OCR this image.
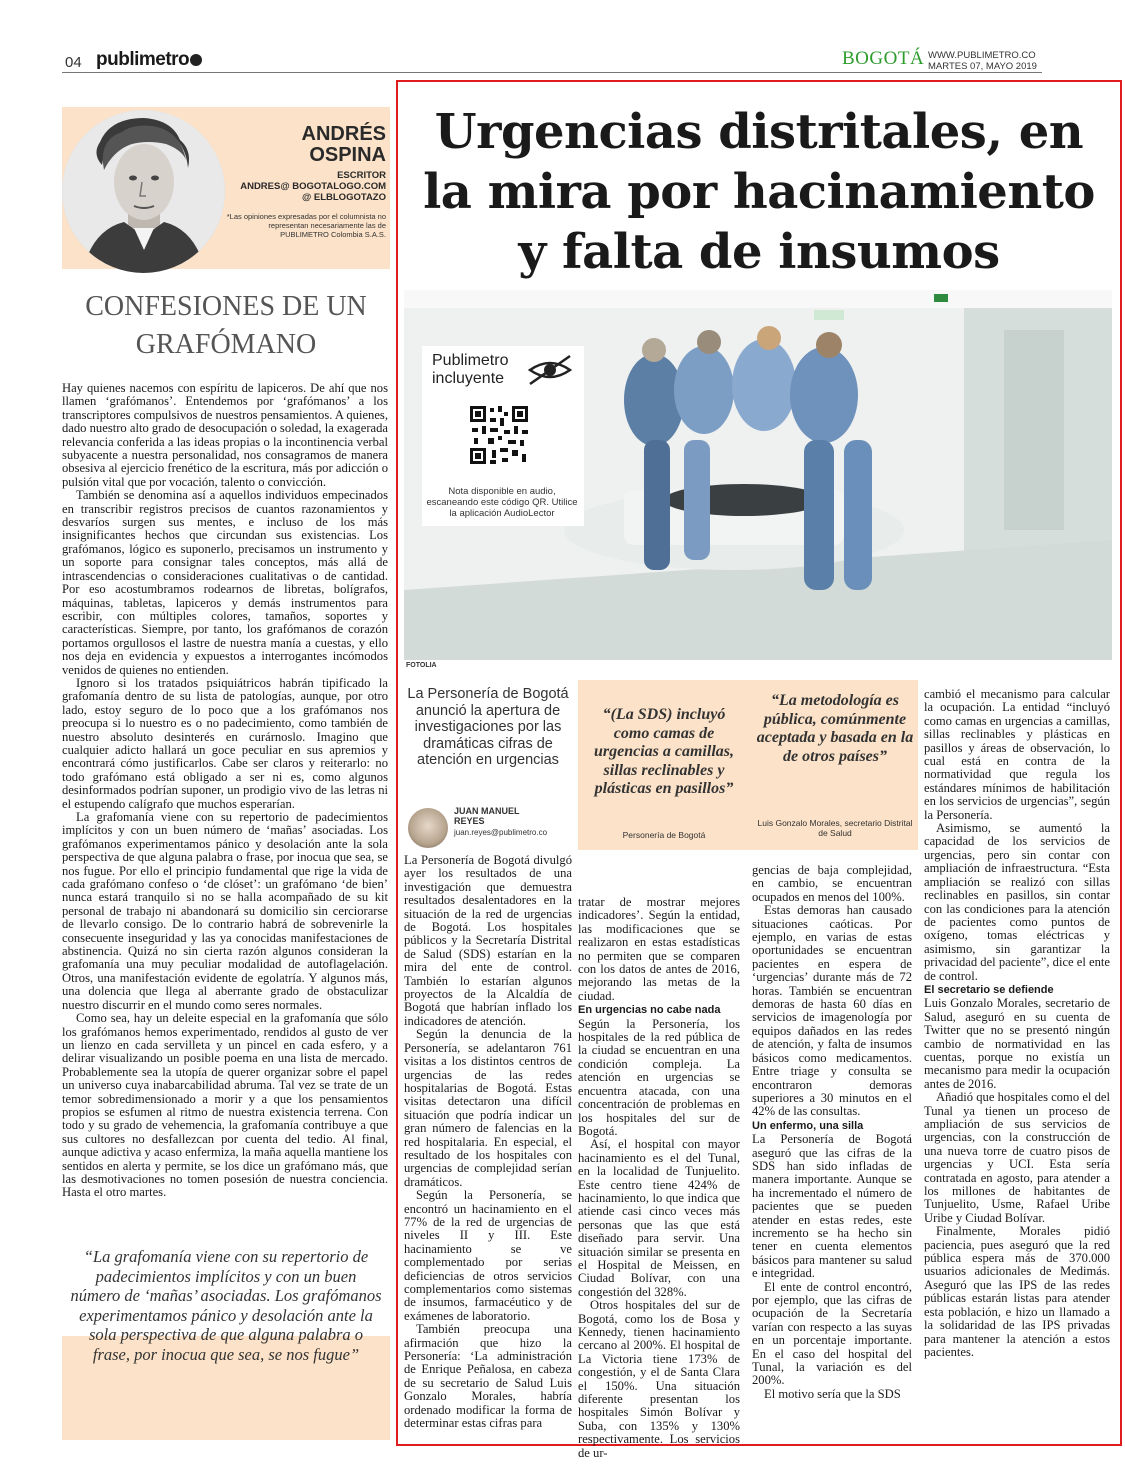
04 publimetro	BOGOTÁ WWW.PUBLIMETRO.CO
MARTES 07, MAYO 2019
ANDRÉS
OSPINA
ESCRITOR
ANDRES@ BOGOTALOGO.COM
@ ELBLOGOTAZO
*Las opiniones expresadas por el columnista no representan necesariamente las de PUBLIMETRO Colombia S.A.S.
CONFESIONES DE UN GRAFÓMANO

Hay quienes nacemos con espíritu de lapiceros. De ahí que nos llamen ‘grafómanos’. Entendemos por ‘grafómanos’ a los transcriptores compulsivos de nuestros pensamientos. A quienes, dado nuestro alto grado de desocupación o soledad, la exagerada relevancia conferida a las ideas propias o la incontinencia verbal subyacente a nuestra personalidad, nos consagramos de manera obsesiva al ejercicio frenético de la escritura, más por adicción o pulsión vital que por vocación, talento o convicción.

También se denomina así a aquellos individuos empecinados en transcribir registros precisos de cuantos razonamientos y desvaríos surgen sus mentes, e incluso de los más insignificantes hechos que circundan sus existencias. Los grafómanos, lógico es suponerlo, precisamos un instrumento y un soporte para consignar tales conceptos, más allá de intrascendencias o consideraciones cualitativas o de cantidad. Por eso acostumbramos rodearnos de libretas, bolígrafos, máquinas, tabletas, lapiceros y demás instrumentos para escribir, con múltiples colores, tamaños, soportes y características. Siempre, por tanto, los grafómanos de corazón portamos orgullosos el lastre de nuestra manía a cuestas, y ello nos deja en evidencia y expuestos a interrogantes incómodos venidos de quienes no entienden.

Ignoro si los tratados psiquiátricos habrán tipificado la grafomanía dentro de su lista de patologías, aunque, por otro lado, estoy seguro de lo poco que a los grafómanos nos preocupa si lo nuestro es o no padecimiento, como también de nuestro absoluto desinterés en curárnoslo. Imagino que cualquier adicto hallará un goce peculiar en sus apremios y encontrará cómo justificarlos. Cabe ser claros y reiterarlo: no todo grafómano está obligado a ser ni es, como algunos desinformados podrían suponer, un prodigio vivo de las letras ni el estupendo calígrafo que muchos esperarían.

La grafomanía viene con su repertorio de padecimientos implícitos y con un buen número de ‘mañas’ asociadas. Los grafómanos experimentamos pánico y desolación ante la sola perspectiva de que alguna palabra o frase, por inocua que sea, se nos fugue. Por ello el principio fundamental que rige la vida de cada grafómano confeso o ‘de clóset’: un grafómano ‘de bien’ nunca estará tranquilo si no se halla acompañado de su kit personal de trabajo ni abandonará su domicilio sin cerciorarse de llevarlo consigo. De lo contrario habrá de sobrevenirle la consecuente inseguridad y las ya conocidas manifestaciones de abstinencia. Quizá no sin cierta razón algunos consideran la grafomanía una muy peculiar modalidad de autoflagelación. Otros, una manifestación evidente de egolatría. Y algunos más, una dolencia que llega al aberrante grado de obstaculizar nuestro discurrir en el mundo como seres normales.

Como sea, hay un deleite especial en la grafomanía que sólo los grafómanos hemos experimentado, rendidos al gusto de ver un lienzo en cada servilleta y un pincel en cada esfero, y a delirar visualizando un posible poema en una lista de mercado. Probablemente sea la utopía de querer organizar sobre el papel un universo cuya inabarcabilidad abruma. Tal vez se trate de un temor sobredimensionado a morir y a que los pensamientos propios se esfumen al ritmo de nuestra existencia terrena. Con todo y su grado de vehemencia, la grafomanía contribuye a que sus cultores no desfallezcan por cuenta del tedio. Al final, aunque adictiva y acaso enfermiza, la maña aquella mantiene los sentidos en alerta y permite, se los dice un grafómano más, que las desmotivaciones no tomen posesión de nuestra conciencia. Hasta el otro martes.

“La grafomanía viene con su repertorio de padecimientos implícitos y con un buen número de ‘mañas’ asociadas. Los grafómanos experimentamos pánico y desolación ante la sola perspectiva de que alguna palabra o frase, por inocua que sea, se nos fugue”
Urgencias distritales, en la mira por hacinamiento y falta de insumos
FOTOLIA
Publimetro
incluyente
Nota disponible en audio, escaneando este código QR. Utilice la aplicación AudioLector
La Personería de Bogotá anunció la apertura de investigaciones por las dramáticas cifras de atención en urgencias
JUAN MANUEL
REYES
juan.reyes@publimetro.co
“(La SDS) incluyó como camas de urgencias a camillas, sillas reclinables y plásticas en pasillos”
Personería de Bogotá
“La metodología es pública, comúnmente aceptada y basada en la de otros países”
Luis Gonzalo Morales, secretario Distrital de Salud

La Personería de Bogotá divulgó ayer los resultados de una investigación que demuestra resultados desalentadores en la situación de la red de urgencias de Bogotá. Los hospitales públicos y la Secretaría Distrital de Salud (SDS) estarían en la mira del ente de control. También lo estarían algunos proyectos de la Alcaldía de Bogotá que habrían inflado los indicadores de atención.

Según la denuncia de la Personería, se adelantaron 761 visitas a los distintos centros de urgencias de las redes hospitalarias de Bogotá. Estas visitas detectaron una difícil situación que podría indicar un gran número de falencias en la red hospitalaria. En especial, el resultado de los hospitales con urgencias de complejidad serían dramáticos.

Según la Personería, se encontró un hacinamiento en el 77% de la red de urgencias de niveles II y III. Este hacinamiento se ve complementado por serias deficiencias de otros servicios complementarios como sistemas de insumos, farmacéutico y de exámenes de laboratorio.

También preocupa una afirmación que hizo la Personería: ‘La administración de Enrique Peñalosa, en cabeza de su secretario de Salud Luis Gonzalo Morales, habría ordenado modificar la forma de determinar estas cifras para

tratar de mostrar mejores indicadores’. Según la entidad, las modificaciones que se realizaron en estas estadísticas no permiten que se comparen con los datos de antes de 2016, mejorando las metas de la ciudad.

En urgencias no cabe nada

Según la Personería, los hospitales de la red pública de la ciudad se encuentran en una condición compleja. La atención en urgencias se encuentra atacada, con una concentración de problemas en los hospitales del sur de Bogotá.

Así, el hospital con mayor hacinamiento es el del Tunal, en la localidad de Tunjuelito. Este centro tiene 424% de hacinamiento, lo que indica que atiende casi cinco veces más personas que las que está diseñado para servir. Una situación similar se presenta en el Hospital de Meissen, en Ciudad Bolívar, con una congestión del 328%.

Otros hospitales del sur de Bogotá, como los de Bosa y Kennedy, tienen hacinamiento cercano al 200%. El hospital de La Victoria tiene 173% de congestión, y el de Santa Clara el 150%. Una situación diferente presentan los hospitales Simón Bolívar y Suba, con 135% y 130% respectivamente. Los servicios de ur-

gencias de baja complejidad, en cambio, se encuentran ocupados en menos del 100%.

Estas demoras han causado situaciones caóticas. Por ejemplo, en varias de estas oportunidades se encuentran pacientes en espera de ‘urgencias’ durante más de 72 horas. También se encuentran demoras de hasta 60 días en servicios de imagenología por equipos dañados en las redes de atención, y falta de insumos básicos como medicamentos. Entre triage y consulta se encontraron demoras superiores a 30 minutos en el 42% de las consultas.

Un enfermo, una silla

La Personería de Bogotá aseguró que las cifras de la SDS han sido infladas de manera importante. Aunque se ha incrementado el número de pacientes que se pueden atender en estas redes, este incremento se ha hecho sin tener en cuenta elementos básicos para mantener su salud e integridad.

El ente de control encontró, por ejemplo, que las cifras de ocupación de la Secretaría varían con respecto a las suyas en un porcentaje importante. En el caso del hospital del Tunal, la variación es del 200%.

El motivo sería que la SDS

cambió el mecanismo para calcular la ocupación. La entidad “incluyó como camas en urgencias a camillas, sillas reclinables y plásticas en pasillos y áreas de observación, lo cual está en contra de la normatividad que regula los estándares mínimos de habilitación en los servicios de urgencias”, según la Personería.

Asimismo, se aumentó la capacidad de los servicios de urgencias, pero sin contar con ampliación de infraestructura. “Esta ampliación se realizó con sillas reclinables en pasillos, sin contar con las condiciones para la atención de pacientes como puntos de oxígeno, tomas eléctricas y asimismo, sin garantizar la privacidad del paciente”, dice el ente de control.

El secretario se defiende

Luis Gonzalo Morales, secretario de Salud, aseguró en su cuenta de Twitter que no se presentó ningún cambio de normatividad en las cuentas, porque no existía un mecanismo para medir la ocupación antes de 2016.

Añadió que hospitales como el del Tunal ya tienen un proceso de ampliación de sus servicios de urgencias, con la construcción de una nueva torre de cuatro pisos de urgencias y UCI. Esta sería contratada en agosto, para atender a los millones de habitantes de Tunjuelito, Usme, Rafael Uribe Uribe y Ciudad Bolívar.

Finalmente, Morales pidió paciencia, pues aseguró que la red pública espera más de 370.000 usuarios adicionales de Medimás. Aseguró que las IPS de las redes públicas estarán listas para atender esta población, e hizo un llamado a la solidaridad de las IPS privadas para mantener la atención a estos pacientes.
